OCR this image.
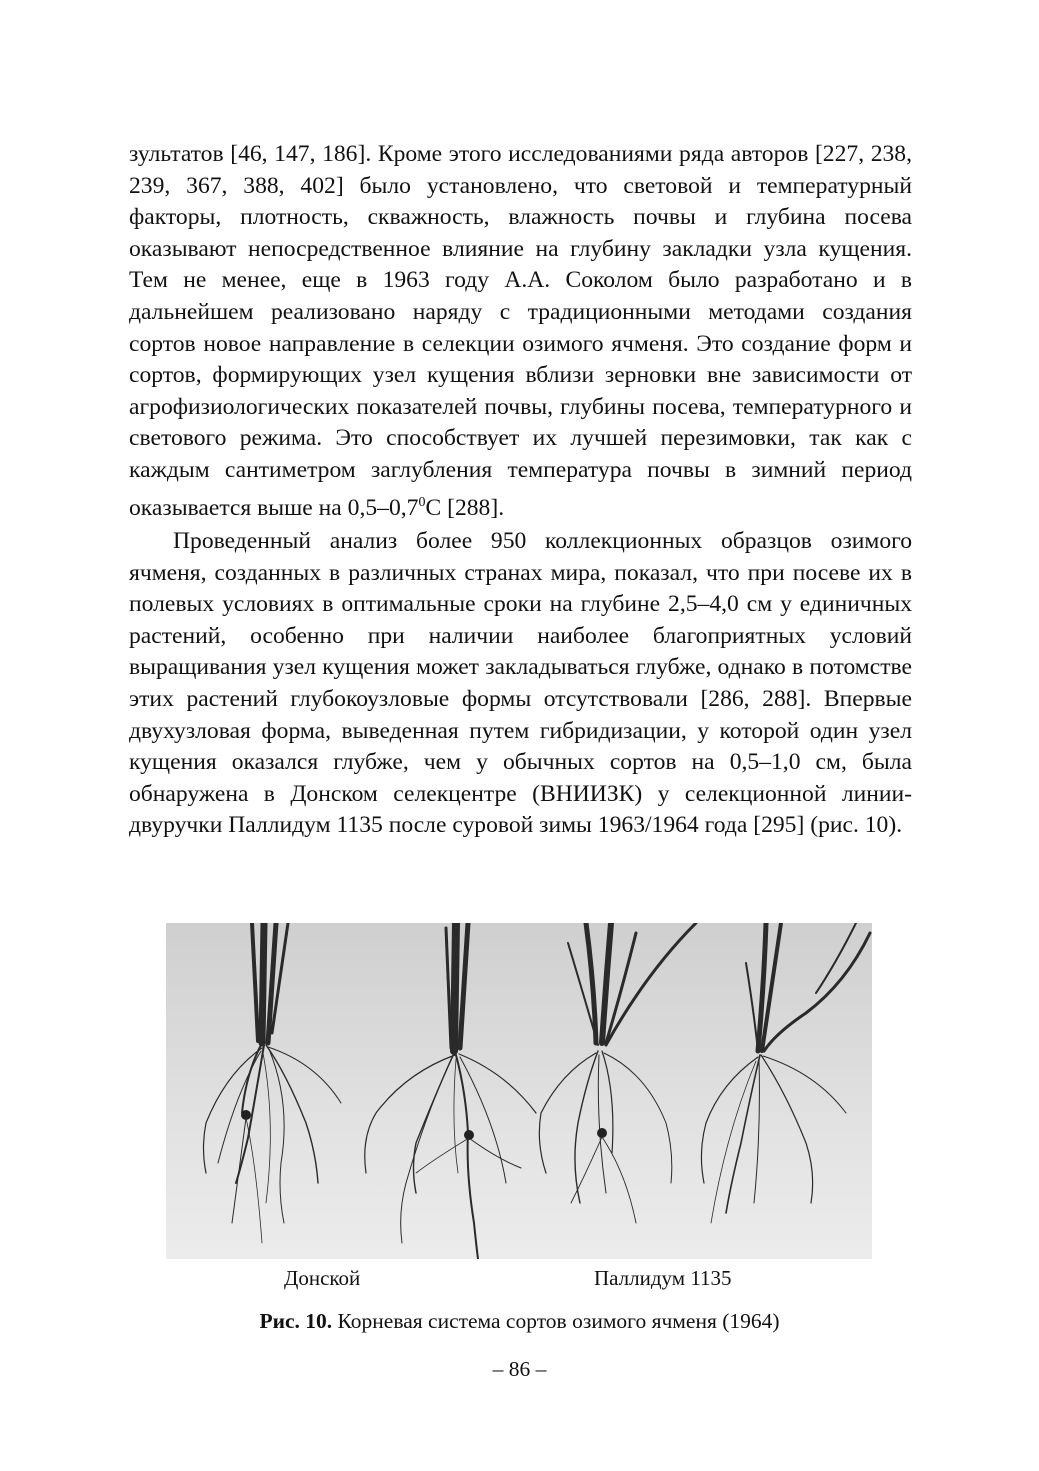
зультатов [46, 147, 186]. Кроме этого исследованиями ряда авторов [227, 238, 239, 367, 388, 402] было установлено, что световой и температурный факторы, плотность, скважность, влажность почвы и глубина посева оказывают непосредственное влияние на глубину закладки узла кущения. Тем не менее, еще в 1963 году А.А. Соколом было разработано и в дальнейшем реализовано наряду с традиционными методами создания сортов новое направление в селекции озимого ячменя. Это создание форм и сортов, формирующих узел кущения вблизи зерновки вне зависимости от агрофизиологических показателей почвы, глубины посева, температурного и светового режима. Это способствует их лучшей перезимовки, так как с каждым сантиметром заглубления температура почвы в зимний период оказывается выше на $0,5-0,7^0С$ [288].

Проведенный анализ более 950 коллекционных образцов озимого ячменя, созданных в различных странах мира, показал, что при посеве их в полевых условиях в оптимальные сроки на глубине 2,5–4,0 см у единичных растений, особенно при наличии наиболее благоприятных условий выращивания узел кущения может закладываться глубже, однако в потомстве этих растений глубокоузловые формы отсутствовали [286, 288]. Впервые двухузловая форма, выведенная путем гибридизации, у которой один узел кущения оказался глубже, чем у обычных сортов на 0,5–1,0 см, была обнаружена в Донском селекцентре (ВНИИЗК) у селекционной линии-двуручки Паллидум 1135 после суровой зимы 1963/1964 года [295] (рис. 10).

Донской	Паллидум 1135
Рис. 10. Корневая система сортов озимого ячменя (1964)
– 86 –
